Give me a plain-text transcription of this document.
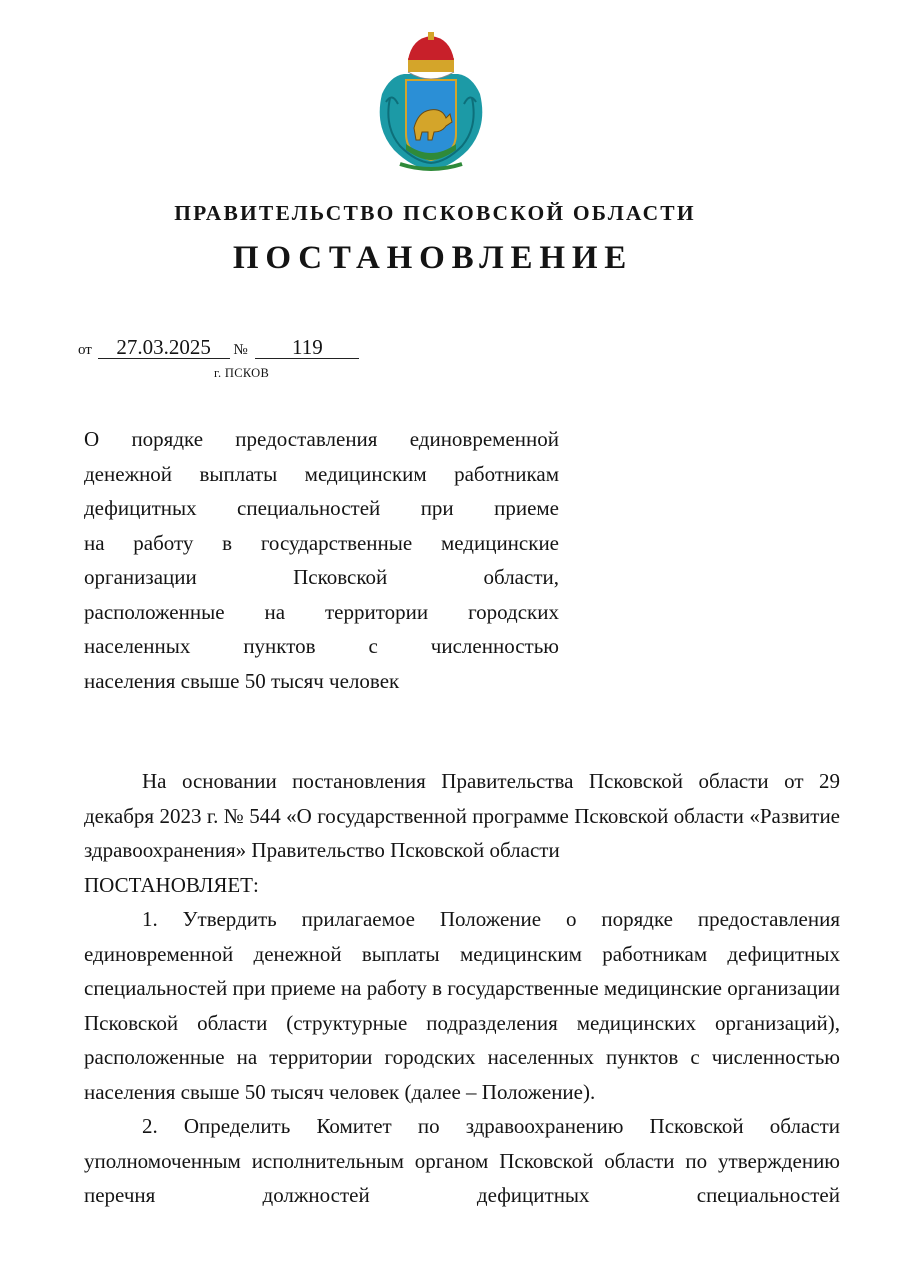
ПРАВИТЕЛЬСТВО ПСКОВСКОЙ ОБЛАСТИ
ПОСТАНОВЛЕНИЕ
от 27.03.2025 № 119
г. ПСКОВ
О порядке предоставления единовременной
денежной выплаты медицинским работникам
дефицитных специальностей при приеме
на работу в государственные медицинские
организации Псковской области,
расположенные на территории городских
населенных пунктов с численностью
населения свыше 50 тысяч человек

На основании постановления Правительства Псковской области от 29 декабря 2023 г. № 544 «О государственной программе Псковской области «Развитие здравоохранения» Правительство Псковской области

ПОСТАНОВЛЯЕТ:

1. Утвердить прилагаемое Положение о порядке предоставления единовременной денежной выплаты медицинским работникам дефицитных специальностей при приеме на работу в государственные медицинские организации Псковской области (структурные подразделения медицинских организаций), расположенные на территории городских населенных пунктов с численностью населения свыше 50 тысяч человек (далее – Положение).

2. Определить Комитет по здравоохранению Псковской области уполномоченным исполнительным органом Псковской области по утверждению перечня должностей дефицитных специальностей
